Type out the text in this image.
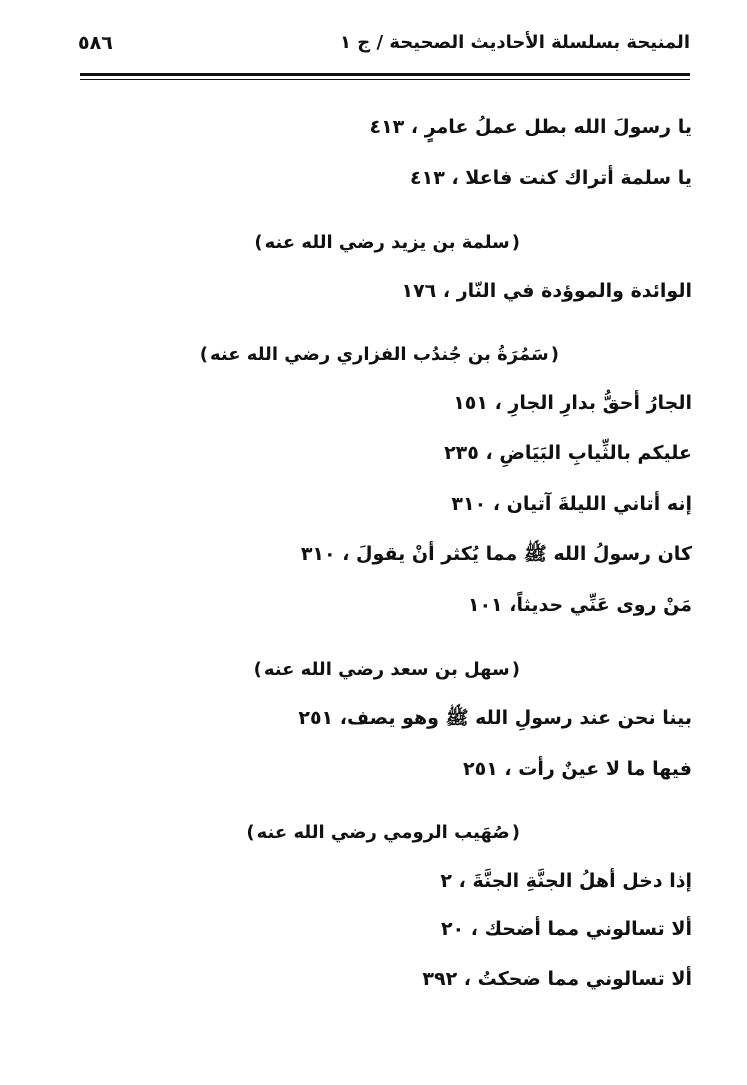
المنيحة بسلسلة الأحاديث الصحيحة / ج ١
٥٨٦
يا رسولَ الله بطل عملُ عامرٍ ، ٤١٣
يا سلمة أتراك كنت فاعلا ، ٤١٣
(سلمة بن يزيد رضي الله عنه)
الوائدة والموؤدة في النّار ، ١٧٦
(سَمُرَةُ بن جُندُب الفزاري رضي الله عنه)
الجارُ أحقُّ بدارِ الجارِ ، ١٥١
عليكم بالثِّيابِ البَيَاضِ ، ٢٣٥
إنه أتاني الليلةَ آتيان ، ٣١٠
كان رسولُ الله ﷺ مما يُكثر أنْ يقولَ ، ٣١٠
مَنْ روى عَنِّي حديثاً، ١٠١
(سهل بن سعد رضي الله عنه)
بينا نحن عند رسولِ الله ﷺ وهو يصف، ٢٥١
فيها ما لا عينٌ رأت ، ٢٥١
(صُهَيب الرومي رضي الله عنه)
إذا دخل أهلُ الجنَّةِ الجنَّةَ ، ٢
ألا تسالوني مما أضحك ، ٢٠
ألا تسالوني مما ضحكتُ ، ٣٩٢
